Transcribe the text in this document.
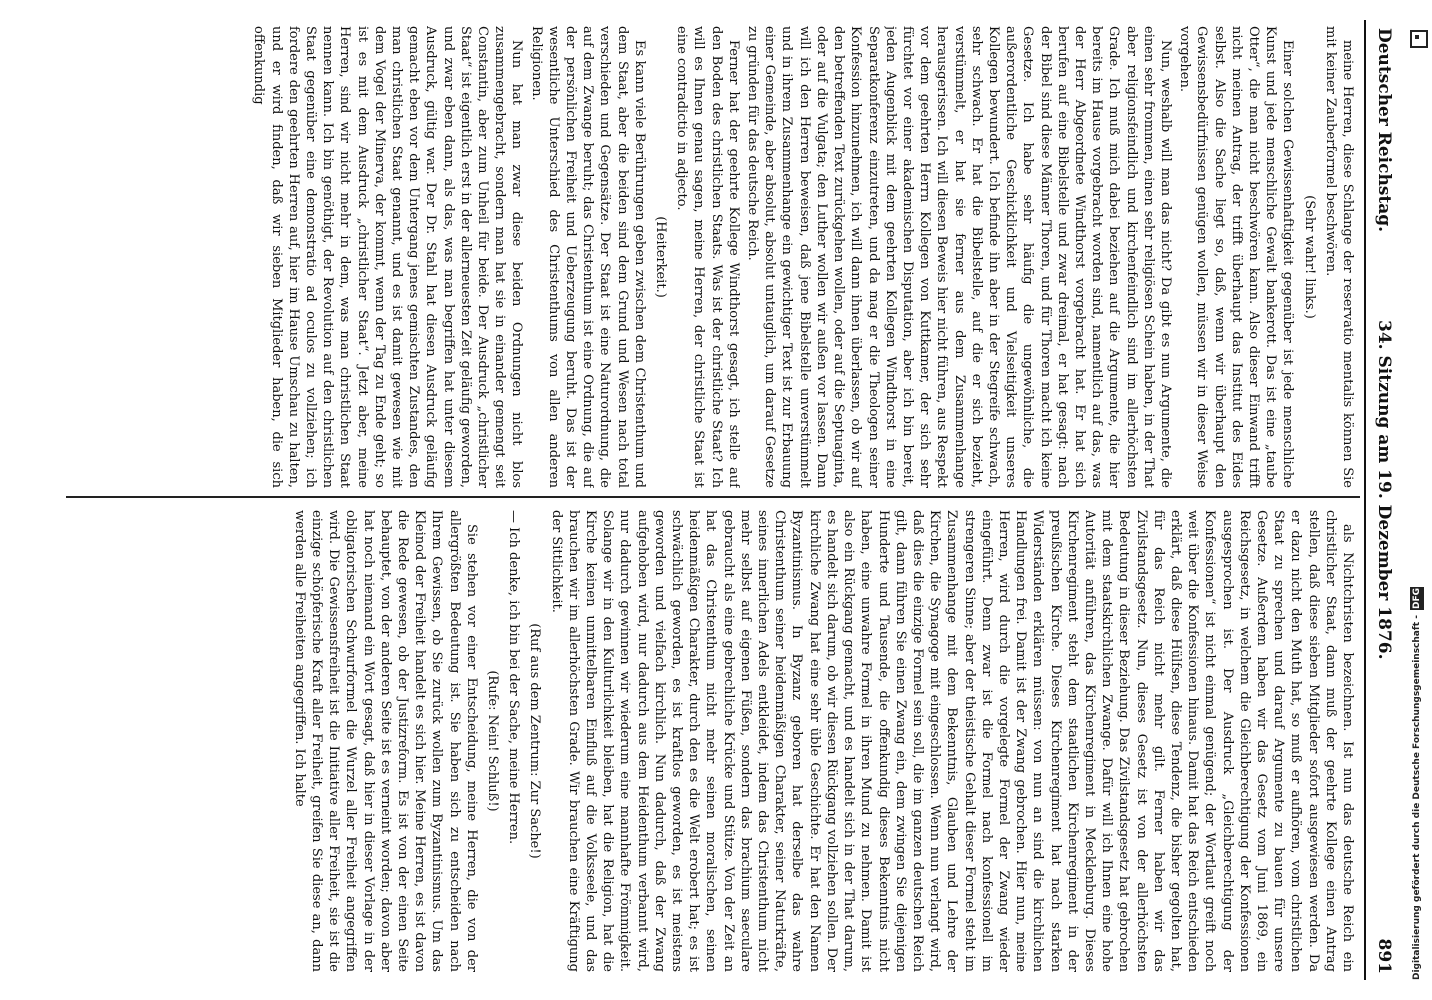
Deutscher Reichstag.
34. Sitzung am 19. Dezember 1876.
891
meine Herren, diese Schlange der reservatio mentalis können Sie mit keiner Zauberformel beschwören.
(Sehr wahr! links.)
Einer solchen Gewissenhaftigkeit gegenüber ist jede menschliche Kunst und jede menschliche Gewalt bankerott. Das ist eine „taube Otter“, die man nicht beschwören kann. Also dieser Einwand trifft nicht meinen Antrag, der trifft überhaupt das Institut des Eides selbst. Also die Sache liegt so, daß, wenn wir überhaupt den Gewissensbedürfnissen genügen wollen, müssen wir in dieser Weise vorgehen.
Nun, weshalb will man das nicht? Da gibt es nun Argumente, die einen sehr frommen, einen sehr religiösen Schein haben, in der That aber religionsfeindlich und kirchenfeindlich sind im allerhöchsten Grade. Ich muß mich dabei beziehen auf die Argumente, die hier bereits im Hause vorgebracht worden sind, namentlich auf das, was der Herr Abgeordnete Windthorst vorgebracht hat. Er hat sich berufen auf eine Bibelstelle und zwar dreimal, er hat gesagt: nach der Bibel sind diese Männer Thoren, und für Thoren macht ich keine Gesetze. Ich habe sehr häufig die ungewöhnliche, die außerordentliche Geschicklichkeit und Vielseitigkeit unseres Kollegen bewundert. Ich befinde ihn aber in der Stegreife schwach, sehr schwach. Er hat die Bibelstelle, auf die er sich bezieht, verstümmelt, er hat sie ferner aus dem Zusammenhange herausgerissen. Ich will diesen Beweis hier nicht führen, aus Respekt vor dem geehrten Herrn Kollegen von Kuttkamer, der sich sehr fürchtet vor einer akademischen Disputation, aber ich bin bereit, jeden Augenblick mit dem geehrten Kollegen Windthorst in eine Separatkonferenz einzutreten, und da mag er die Theologen seiner Konfession hinzunehmen, ich will dann ihnen überlassen, ob wir auf den betreffenden Text zurückgehen wollen, oder auf die Septuaginta, oder auf die Vulgata; den Luther wollen wir außen vor lassen. Dann will ich den Herren beweisen, daß jene Bibelstelle unverstümmelt und in ihrem Zusammenhange ein gewichtiger Text ist zur Erbauung einer Gemeinde, aber absolut, absolut untauglich, um darauf Gesetze zu gründen für das deutsche Reich.
Ferner hat der geehrte Kollege Windthorst gesagt, ich stelle auf den Boden des christlichen Staats. Was ist der christliche Staat? Ich will es Ihnen genau sagen, meine Herren, der christliche Staat ist eine contradictio in adjecto.
(Heiterkeit.)
Es kann viele Berührungen geben zwischen dem Christenthum und dem Staat, aber die beiden sind dem Grund und Wesen nach total verschieden und Gegensätze. Der Staat ist eine Naturordnung, die auf dem Zwange beruht; das Christenthum ist eine Ordnung, die auf der persönlichen Freiheit und Ueberzeugung beruht. Das ist der wesentliche Unterschied des Christenthums von allen anderen Religionen.
Nun hat man zwar diese beiden Ordnungen nicht blos zusammengebracht, sondern man hat sie in einander gemengt seit Constantin, aber zum Unheil für beide. Der Ausdruck „christlicher Staat“ ist eigentlich erst in der allerneuesten Zeit geläufig geworden, und zwar eben dann, als das, was man begriffen hat unter diesem Ausdruck, gültig war. Der Dr. Stahl hat diesen Ausdruck geläufig gemacht eben vor dem Untergang jenes gemischten Zustandes, den man christlichen Staat genannt, und es ist damit gewesen wie mit dem Vogel der Minerva, der kommt, wenn der Tag zu Ende geht; so ist es mit dem Ausdruck „christlicher Staat“. Jetzt aber, meine Herren, sind wir nicht mehr in dem, was man christlichen Staat nennen kann. Ich bin genöthigt, der Revolution auf den christlichen Staat gegenüber eine demonstratio ad oculos zu vollziehen; ich fordere den geehrten Herren auf, hier im Hause Umschau zu halten, und er wird finden, daß wir sieben Mitglieder haben, die sich offenkundig
als Nichtchristen bezeichnen. Ist nun das deutsche Reich ein christlicher Staat, dann muß der geehrte Kollege einen Antrag stellen, daß diese sieben Mitglieder sofort ausgewiesen werden. Da er dazu nicht den Muth hat, so muß er aufhören, vom christlichen Staat zu sprechen und darauf Argumente zu bauen für unsere Gesetze. Außerdem haben wir das Gesetz vom Juni 1869, ein Reichsgesetz, in welchem die Gleichberechtigung der Konfessionen ausgesprochen ist. Der Ausdruck „Gleichberechtigung der Konfessionen“ ist nicht einmal genügend; der Wortlaut greift noch weit über die Konfessionen hinaus. Damit hat das Reich entschieden erklärt, daß diese Hülfsen, diese Tendenz, die bisher gegolten hat, für das Reich nicht mehr gilt. Ferner haben wir das Zivilstandsgesetz. Nun, dieses Gesetz ist von der allerhöchsten Bedeutung in dieser Beziehung. Das Zivilstandsgesetz hat gebrochen mit dem staatskirchlichen Zwange. Dafür will ich Ihnen eine hohe Autorität anführen, das Kirchenregiment in Mecklenburg. Dieses Kirchenregiment steht dem staatlichen Kirchenregiment in der preußischen Kirche. Dieses Kirchenregiment hat nach starken Widerständen erklären müssen: von nun an sind die kirchlichen Handlungen frei. Damit ist der Zwang gebrochen. Hier nun, meine Herren, wird durch die vorgelegte Formel der Zwang wieder eingeführt. Denn zwar ist die Formel nach konfessionell im strengeren Sinne; aber der theistische Gehalt dieser Formel steht im Zusammenhange mit dem Bekenntnis, Glauben und Lehre der Kirchen, die Synagoge mit eingeschlossen. Wenn nun verlangt wird, daß dies die einzige Formel sein soll, die im ganzen deutschen Reich gilt, dann führen Sie einen Zwang ein, dem zwingen Sie diejenigen Hunderte und Tausende, die offenkundig dieses Bekenntnis nicht haben, eine unwahre Formel in ihren Mund zu nehmen. Damit ist also ein Rückgang gemacht, und es handelt sich in der That darum, es handelt sich darum, ob wir diesen Rückgang vollziehen sollen. Der kirchliche Zwang hat eine sehr üble Geschichte. Er hat den Namen Byzantinismus. In Byzanz geboren hat derselbe das wahre Christenthum seiner heidenmäßigen Charakter, seiner Naturkräfte, seines innerlichen Adels entkleidet, indem das Christenthum nicht mehr selbst auf eigenen Füßen, sondern das brachium saeculare gebraucht als eine gebrechliche Krücke und Stütze. Von der Zeit an hat das Christenthum nicht mehr seinen moralischen, seinen heidenmäßigen Charakter, durch den es die Welt erobert hat; es ist schwächlich geworden, es ist kraftlos geworden, es ist meistens geworden und vielfach kirchlich. Nun dadurch, daß der Zwang aufgehoben wird, nur dadurch aus dem Heidenthum verbannt wird, nur dadurch gewinnen wir wiederum eine mannhafte Frömmigkeit. Solange wir in den Kulturlichkeit bleiben, hat die Religion, hat die Kirche keinen unmittelbaren Einfluß auf die Volksseele, und das brauchen wir im allerhöchsten Grade. Wir brauchen eine Kräftigung der Sittlichkeit.
(Ruf aus dem Zentrum: Zur Sache!)
— Ich denke, ich bin bei der Sache, meine Herren.
(Rufe: Nein! Schluß!)
Sie stehen vor einer Entscheidung, meine Herren, die von der allergrößten Bedeutung ist. Sie haben sich zu entscheiden nach Ihrem Gewissen, ob Sie zurück wollen zum Byzantinismus. Um das Kleinod der Freiheit handelt es sich hier. Meine Herren, es ist davon die Rede gewesen, ob der Justizreform. Es ist von der einen Seite behauptet, von der anderen Seite ist es verneint worden; davon aber hat noch niemand ein Wort gesagt, daß hier in dieser Vorlage in der obligatorischen Schwurformel die Wurzel aller Freiheit angegriffen wird. Die Gewissensfreiheit ist die Initiative aller Freiheit, sie ist die einzige schöpferische Kraft aller Freiheit, greifen Sie diese an, dann werden alle Freiheiten angegriffen. Ich halte	Digitalisierung gefördert durch die Deutsche Forschungsgemeinschaft - DFG
